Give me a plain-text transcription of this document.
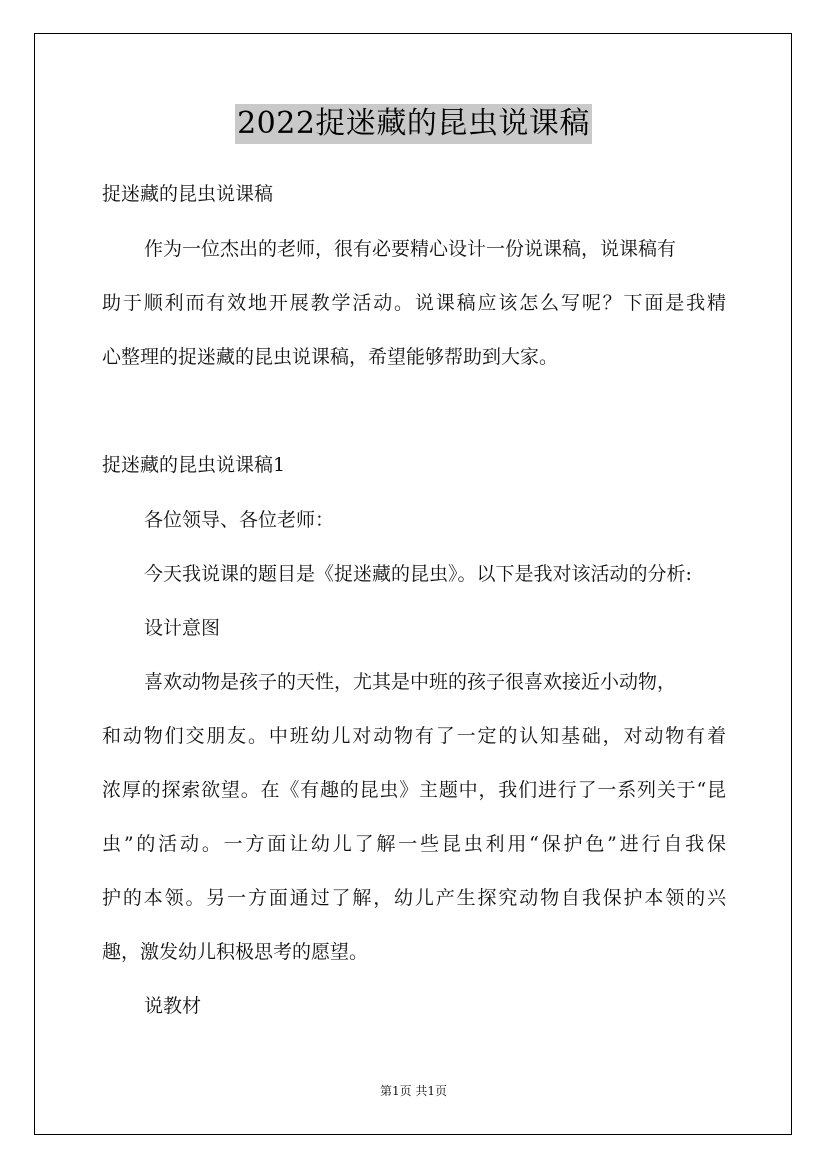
2022捉迷藏的昆虫说课稿
捉迷藏的昆虫说课稿
作为一位杰出的老师，很有必要精心设计一份说课稿，说课稿有
助于顺利而有效地开展教学活动。说课稿应该怎么写呢？下面是我精
心整理的捉迷藏的昆虫说课稿，希望能够帮助到大家。
捉迷藏的昆虫说课稿1
各位领导、各位老师：
今天我说课的题目是《捉迷藏的昆虫》。以下是我对该活动的分析:
设计意图
喜欢动物是孩子的天性，尤其是中班的孩子很喜欢接近小动物，
和动物们交朋友。中班幼儿对动物有了一定的认知基础，对动物有着
浓厚的探索欲望。在《有趣的昆虫》主题中，我们进行了一系列关于“昆
虫”的活动。一方面让幼儿了解一些昆虫利用“保护色”进行自我保
护的本领。另一方面通过了解，幼儿产生探究动物自我保护本领的兴
趣，激发幼儿积极思考的愿望。
说教材
第1页 共1页
